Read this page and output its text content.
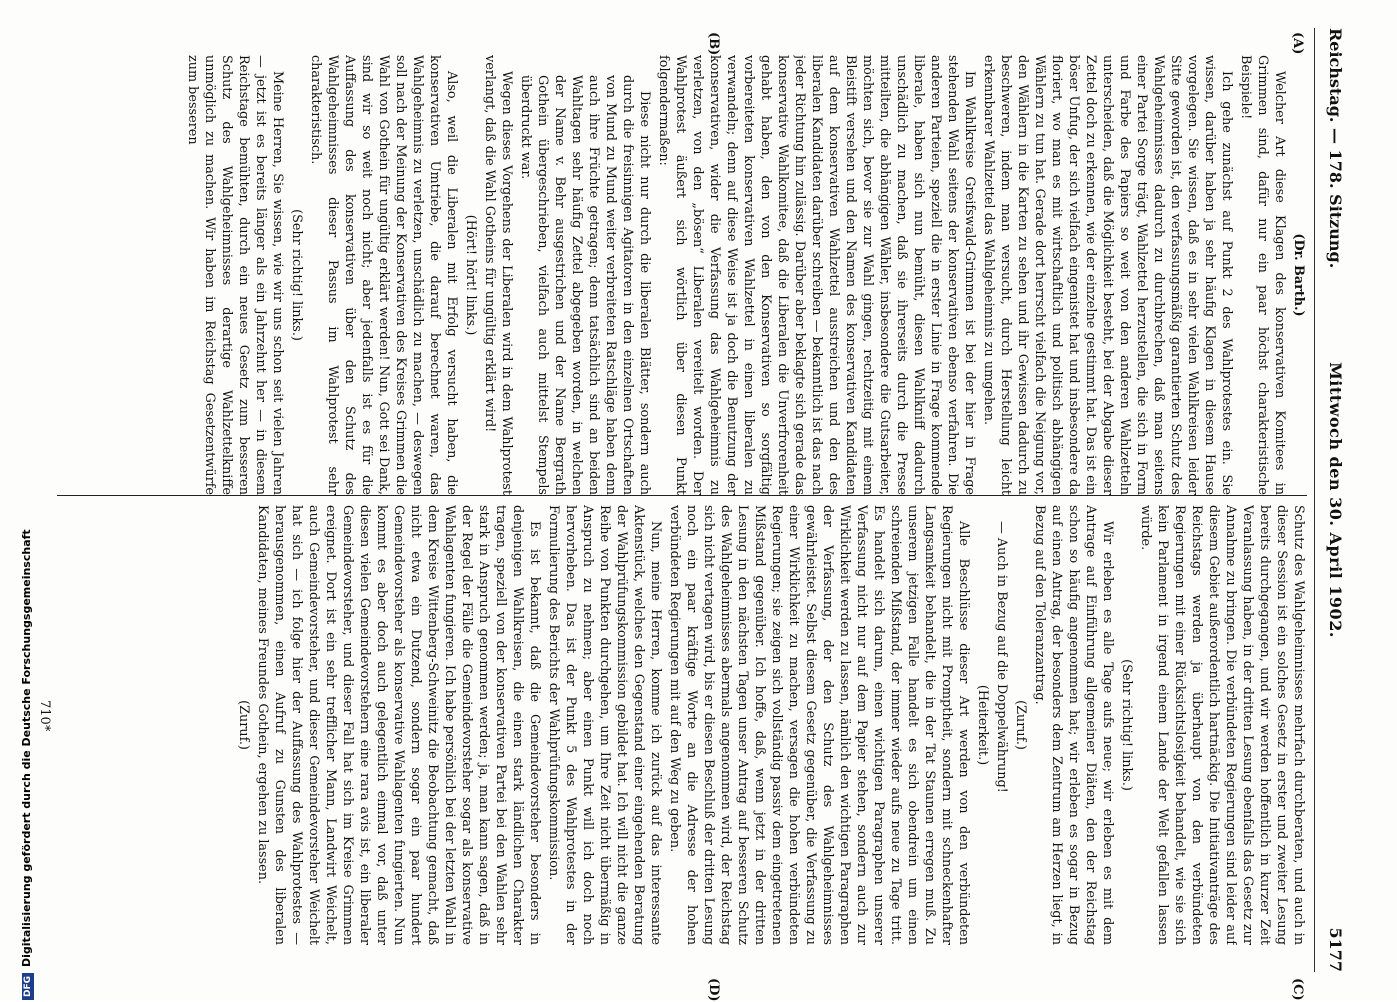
DFGDigitalisierung gefördert durch die Deutsche Forschungsgemeinschaft
Reichstag. — 178. Sitzung.
Mittwoch den 30. April 1902.
5177
(A)
(B)
(C)
(D)

(Dr. Barth.)

Welcher Art diese Klagen des konservativen Komitees in Grimmen sind, dafür nur ein paar höchst charakteristische Beispiele!

Ich gehe zunächst auf Punkt 2 des Wahlprotestes ein. Sie wissen, darüber haben ja sehr häufig Klagen in diesem Hause vorgelegen. Sie wissen, daß es in sehr vielen Wahlkreisen leider Sitte geworden ist, den verfassungsmäßig garantierten Schutz des Wahlgeheimnisses dadurch zu durchbrechen, daß man seitens einer Partei Sorge trägt, Wahlzettel herzustellen, die sich in Form und Farbe des Papiers so weit von den anderen Wahlzetteln unterscheiden, daß die Möglichkeit besteht, bei der Abgabe dieser Zettel doch zu erkennen, wie der einzelne gestimmt hat. Das ist ein böser Unfug, der sich vielfach eingenistet hat und insbesondere da floriert, wo man es mit wirtschaftlich und politisch abhängigen Wählern zu tun hat. Gerade dort herrscht vielfach die Neigung vor, den Wählern in die Karten zu sehen und ihr Gewissen dadurch zu beschweren, indem man versucht, durch Herstellung leicht erkennbarer Wahlzettel das Wahlgeheimnis zu umgehen.

Im Wahlkreise Greifswald-Grimmen ist bei der hier in Frage stehenden Wahl seitens der konservativen ebenso verfahren. Die anderen Parteien, speziell die in erster Linie in Frage kommende liberale, haben sich nun bemüht, diesen Wahlkniff dadurch unschädlich zu machen, daß sie ihrerseits durch die Presse mitteilten, die abhängigen Wähler, insbesondere die Gutsarbeiter, möchten sich, bevor sie zur Wahl gingen, rechtzeitig mit einem Bleistift versehen und den Namen des konservativen Kandidaten auf dem konservativen Wahlzettel ausstreichen und den des liberalen Kandidaten darüber schreiben — bekanntlich ist das nach jeder Richtung hin zulässig. Darüber aber beklagte sich gerade das konservative Wahlkomitee, daß die Liberalen die Unverfrorenheit gehabt haben, den von den Konservativen so sorgfältig vorbereiteten konservativen Wahlzettel in einen liberalen zu verwandeln; denn auf diese Weise ist ja doch die Benutzung der konservativen, wider die Verfassung das Wahlgeheimnis zu verletzen, von den „bösen“ Liberalen vereitelt worden. Der Wahlprotest äußert sich wörtlich über diesen Punkt folgendermaßen:

Diese nicht nur durch die liberalen Blätter, sondern auch durch die freisinnigen Agitatoren in den einzelnen Ortschaften von Mund zu Mund weiter verbreiteten Ratschläge haben denn auch ihre Früchte getragen; denn tatsächlich sind an beiden Wahltagen sehr häufig Zettel abgegeben worden, in welchen der Name v. Behr ausgestrichen und der Name Bergrath Gothein übergeschrieben, vielfach auch mittelst Stempels überdruckt war.

Wegen dieses Vorgehens der Liberalen wird in dem Wahlprotest verlangt, daß die Wahl Gotheins für ungültig erklärt wird!

(Hört! hört! links.)

Also, weil die Liberalen mit Erfolg versucht haben, die konservativen Umtriebe, die darauf berechnet waren, das Wahlgeheimnis zu verletzen, unschädlich zu machen, — deswegen soll nach der Meinung der Konservativen des Kreises Grimmen die Wahl von Gothein für ungültig erklärt werden! Nun, Gott sei Dank, sind wir so weit noch nicht; aber jedenfalls ist es für die Auffassung des konservativen über den Schutz des Wahlgeheimnisses dieser Passus im Wahlprotest sehr charakteristisch.

(Sehr richtig! links.)

Meine Herren, Sie wissen, wie wir uns schon seit vielen Jahren — jetzt ist es bereits länger als ein Jahrzehnt her — in diesem Reichstage bemühten, durch ein neues Gesetz zum besseren Schutz des Wahlgeheimnisses derartige Wahlzettelkniffe unmöglich zu machen. Wir haben im Reichstag Gesetzentwürfe zum besseren

Schutz des Wahlgeheimnisses mehrfach durchberaten, und auch in dieser Session ist ein solches Gesetz in erster und zweiter Lesung bereits durchgegangen, und wir werden hoffentlich in kurzer Zeit Veranlassung haben, in der dritten Lesung ebenfalls das Gesetz zur Annahme zu bringen. Die verbündeten Regierungen sind leider auf diesem Gebiet außerordentlich hartnäckig. Die Initiativanträge des Reichstags werden ja überhaupt von den verbündeten Regierungen mit einer Rücksichtslosigkeit behandelt, wie sie sich kein Parlament in irgend einem Lande der Welt gefallen lassen würde.

(Sehr richtig! links.)

Wir erleben es alle Tage aufs neue; wir erleben es mit dem Antrage auf Einführung allgemeiner Diäten, den der Reichstag schon so häufig angenommen hat; wir erleben es sogar in Bezug auf einen Antrag, der besonders dem Zentrum am Herzen liegt, in Bezug auf den Toleranzantrag.

(Zuruf.)

— Auch in Bezug auf die Doppelwährung!

(Heiterkeit.)

Alle Beschlüsse dieser Art werden von den verbündeten Regierungen nicht mit Promptheit, sondern mit schneckenhafter Langsamkeit behandelt, die in der Tat Staunen erregen muß. Zu unserem jetzigen Falle handelt es sich obendrein um einen schreienden Mißstand, der immer wieder aufs neue zu Tage tritt. Es handelt sich darum, einen wichtigen Paragraphen unserer Verfassung nicht nur auf dem Papier stehen, sondern auch zur Wirklichkeit werden zu lassen, nämlich den wichtigen Paragraphen der Verfassung, der den Schutz des Wahlgeheimnisses gewährleistet. Selbst diesem Gesetz gegenüber, die Verfassung zu einer Wirklichkeit zu machen, versagen die hohen verbündeten Regierungen; sie zeigen sich vollständig passiv dem eingetretenen Mißstand gegenüber. Ich hoffe, daß, wenn jetzt in der dritten Lesung in den nächsten Tagen unser Antrag auf besseren Schutz des Wahlgeheimnisses abermals angenommen wird, der Reichstag sich nicht vertagen wird, bis er diesen Beschluß der dritten Lesung noch ein paar kräftige Worte an die Adresse der hohen verbündeten Regierungen mit auf den Weg zu geben.

Nun, meine Herren, komme ich zurück auf das interessante Aktenstück, welches den Gegenstand einer eingehenden Beratung der Wahlprüfungskommission gebildet hat. Ich will nicht die ganze Reihe von Punkten durchgehen, um Ihre Zeit nicht übermäßig in Anspruch zu nehmen; aber einen Punkt will ich doch noch hervorheben. Das ist der Punkt 5 des Wahlprotestes in der Formulierung des Berichts der Wahlprüfungskommission.

Es ist bekannt, daß die Gemeindevorsteher besonders in denjenigen Wahlkreisen, die einen stark ländlichen Charakter tragen, speziell von der konservativen Partei bei den Wahlen sehr stark in Anspruch genommen werden; ja, man kann sagen, daß in der Regel der Fälle die Gemeindevorsteher sogar als konservative Wahlagenten fungieren. Ich habe persönlich bei der letzten Wahl in dem Kreise Wittenberg-Schweinitz die Beobachtung gemacht, daß nicht etwa ein Dutzend, sondern sogar ein paar hundert Gemeindevorsteher als konservative Wahlagenten fungierten. Nun kommt es aber doch auch gelegentlich einmal vor, daß unter diesen vielen Gemeindevorstehern eine rara avis ist, ein liberaler Gemeindevorsteher, und dieser Fall hat sich im Kreise Grimmen ereignet. Dort ist ein sehr trefflicher Mann, Landwirt Weichelt, auch Gemeindevorsteher, und dieser Gemeindevorsteher Weichelt hat sich — ich folge hier der Auffassung des Wahlprotestes — herausgenommen, einen Aufruf zu Gunsten des liberalen Kandidaten, meines Freundes Gothein, ergehen zu lassen.

(Zuruf.)

710*
